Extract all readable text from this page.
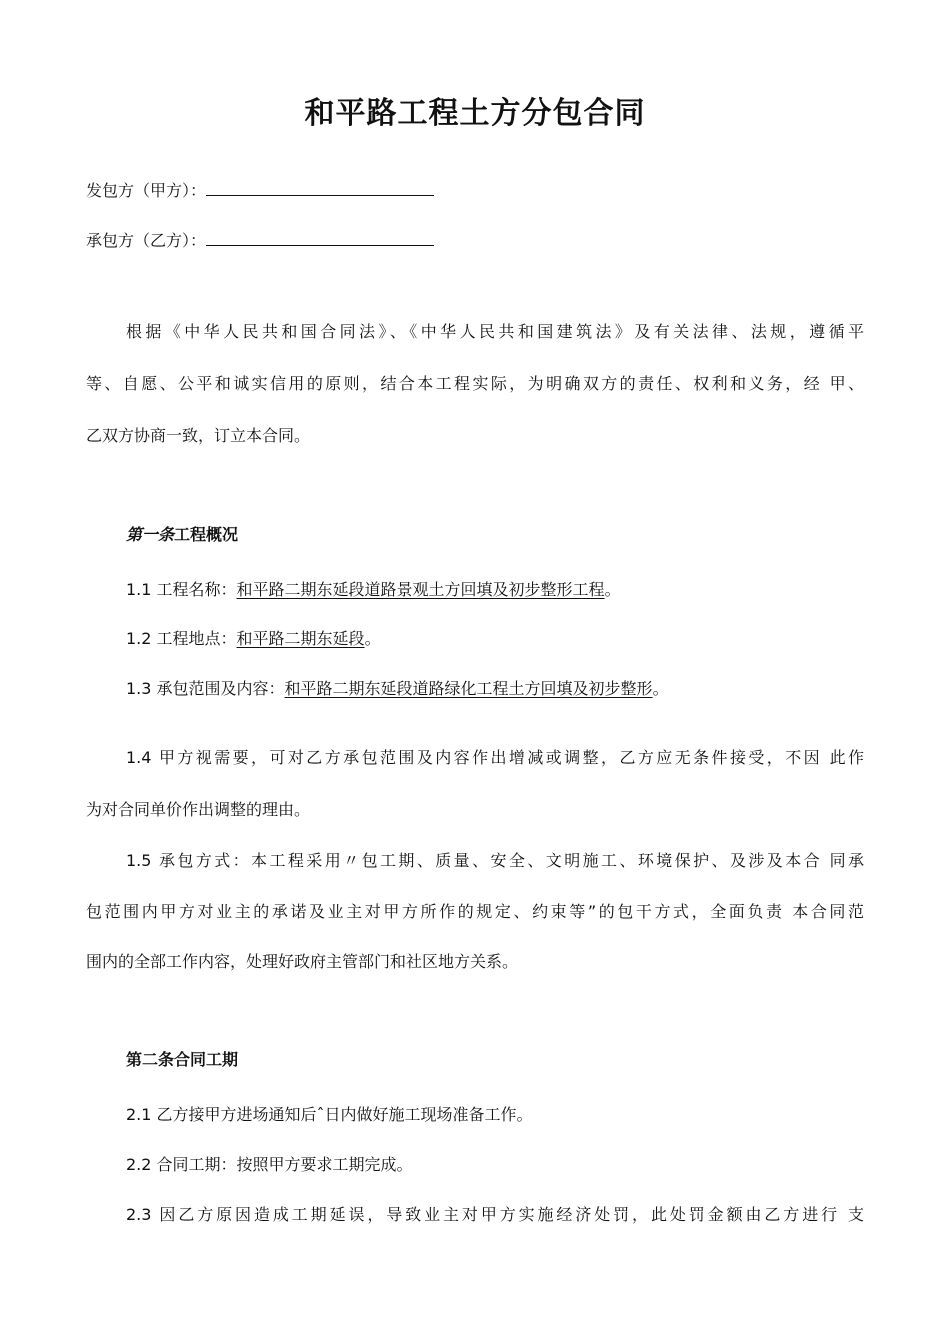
和平路工程土方分包合同
发包方（甲方）：
承包方（乙方）：
根据《中华人民共和国合同法》、《中华人民共和国建筑法》及有关法律、法规，遵循平
等、自愿、公平和诚实信用的原则，结合本工程实际，为明确双方的责任、权利和义务，经 甲、
乙双方协商一致，订立本合同。
第一条工程概况
1.1 工程名称：和平路二期东延段道路景观土方回填及初步整形工程。
1.2 工程地点：和平路二期东延段。
1.3 承包范围及内容：和平路二期东延段道路绿化工程土方回填及初步整形。
1.4 甲方视需要，可对乙方承包范围及内容作出增减或调整，乙方应无条件接受，不因 此作
为对合同单价作出调整的理由。
1.5 承包方式：本工程采用〃包工期、质量、安全、文明施工、环境保护、及涉及本合 同承
包范围内甲方对业主的承诺及业主对甲方所作的规定、约束等”的包干方式，全面负责 本合同范
围内的全部工作内容，处理好政府主管部门和社区地方关系。
第二条合同工期
2.1 乙方接甲方进场通知后ˆ日内做好施工现场准备工作。
2.2 合同工期：按照甲方要求工期完成。
2.3 因乙方原因造成工期延误，导致业主对甲方实施经济处罚，此处罚金额由乙方进行 支
